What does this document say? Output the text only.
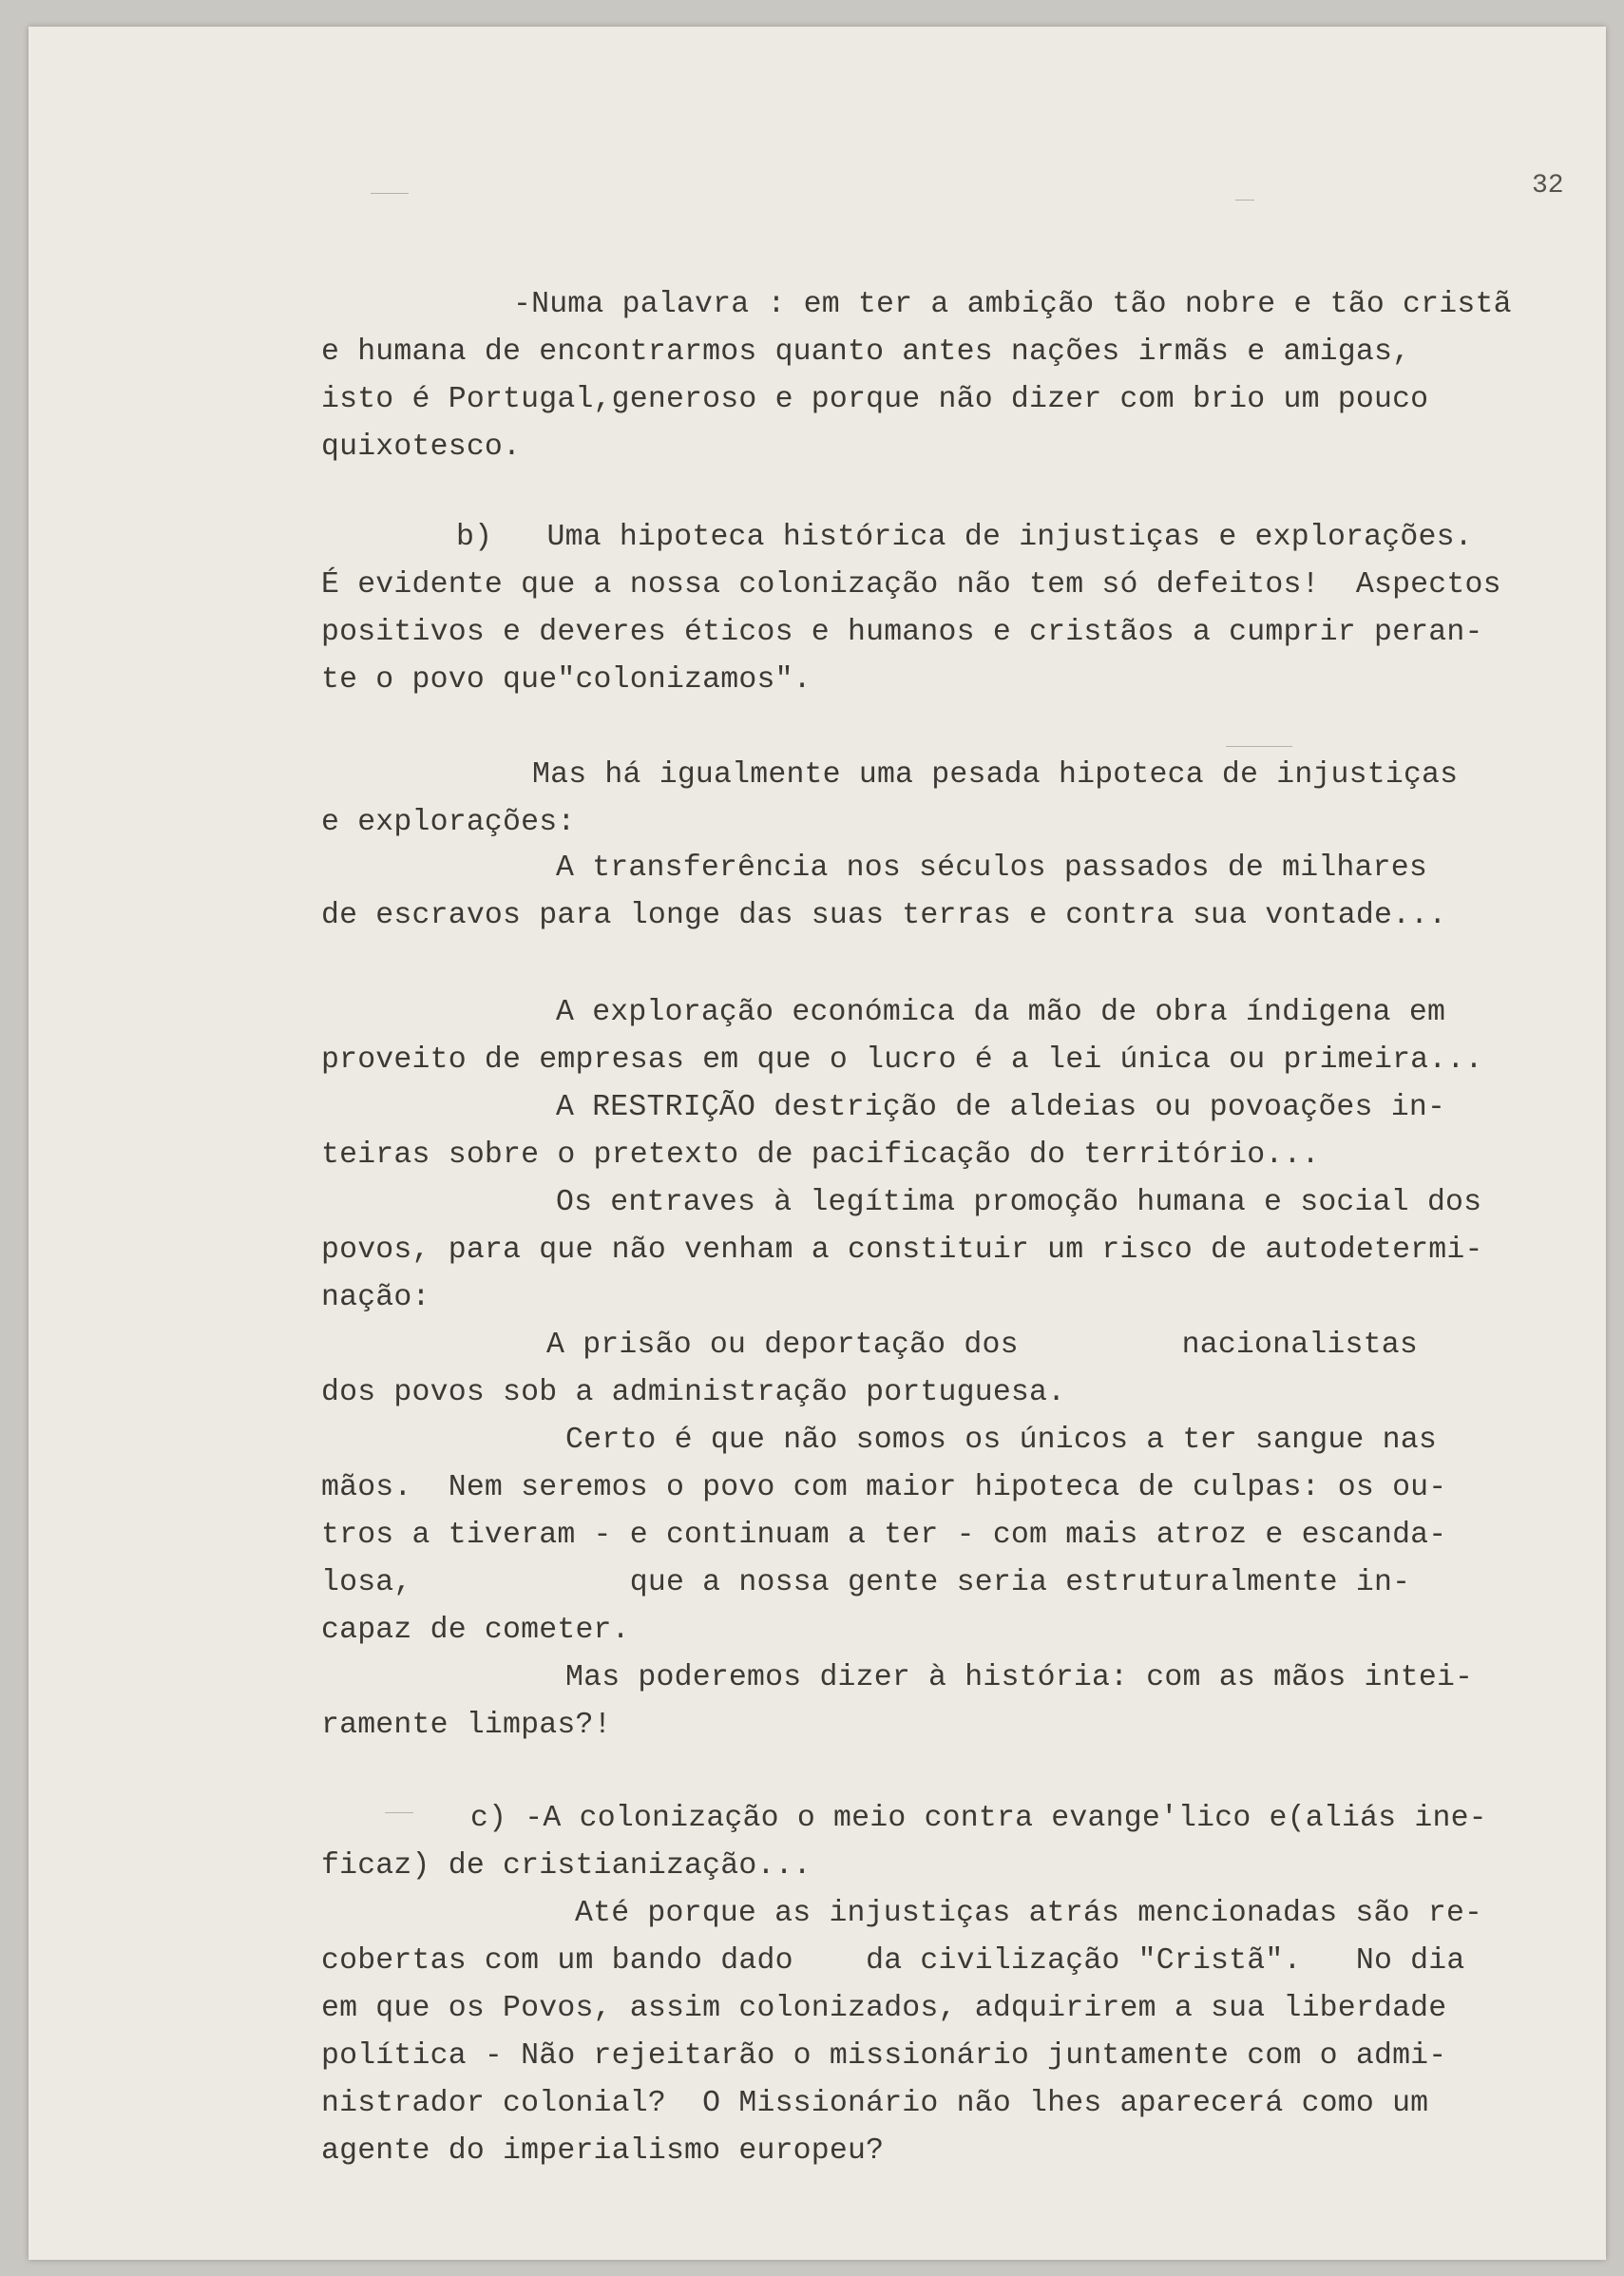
32
-Numa palavra : em ter a ambição tão nobre e tão cristã
e humana de encontrarmos quanto antes nações irmãs e amigas,
isto é Portugal,generoso e porque não dizer com brio um pouco
quixotesco.
b)   Uma hipoteca histórica de injustiças e explorações.
É evidente que a nossa colonização não tem só defeitos!  Aspectos
positivos e deveres éticos e humanos e cristãos a cumprir peran-
te o povo que"colonizamos".
Mas há igualmente uma pesada hipoteca de injustiças
e explorações:
A transferência nos séculos passados de milhares
de escravos para longe das suas terras e contra sua vontade...
A exploração económica da mão de obra índigena em
proveito de empresas em que o lucro é a lei única ou primeira...
A RESTRIÇÃO destrição de aldeias ou povoações in-
teiras sobre o pretexto de pacificação do território...
Os entraves à legítima promoção humana e social dos
povos, para que não venham a constituir um risco de autodetermi-
nação:
A prisão ou deportação dos         nacionalistas
dos povos sob a administração portuguesa.
Certo é que não somos os únicos a ter sangue nas
mãos.  Nem seremos o povo com maior hipoteca de culpas: os ou-
tros a tiveram - e continuam a ter - com mais atroz e escanda-
losa,            que a nossa gente seria estruturalmente in-
capaz de cometer.
Mas poderemos dizer à história: com as mãos intei-
ramente limpas?!
c) -A colonização o meio contra evange'lico e(aliás ine-
ficaz) de cristianização...
Até porque as injustiças atrás mencionadas são re-
cobertas com um bando dado    da civilização "Cristã".   No dia
em que os Povos, assim colonizados, adquirirem a sua liberdade
política - Não rejeitarão o missionário juntamente com o admi-
nistrador colonial?  O Missionário não lhes aparecerá como um
agente do imperialismo europeu?
